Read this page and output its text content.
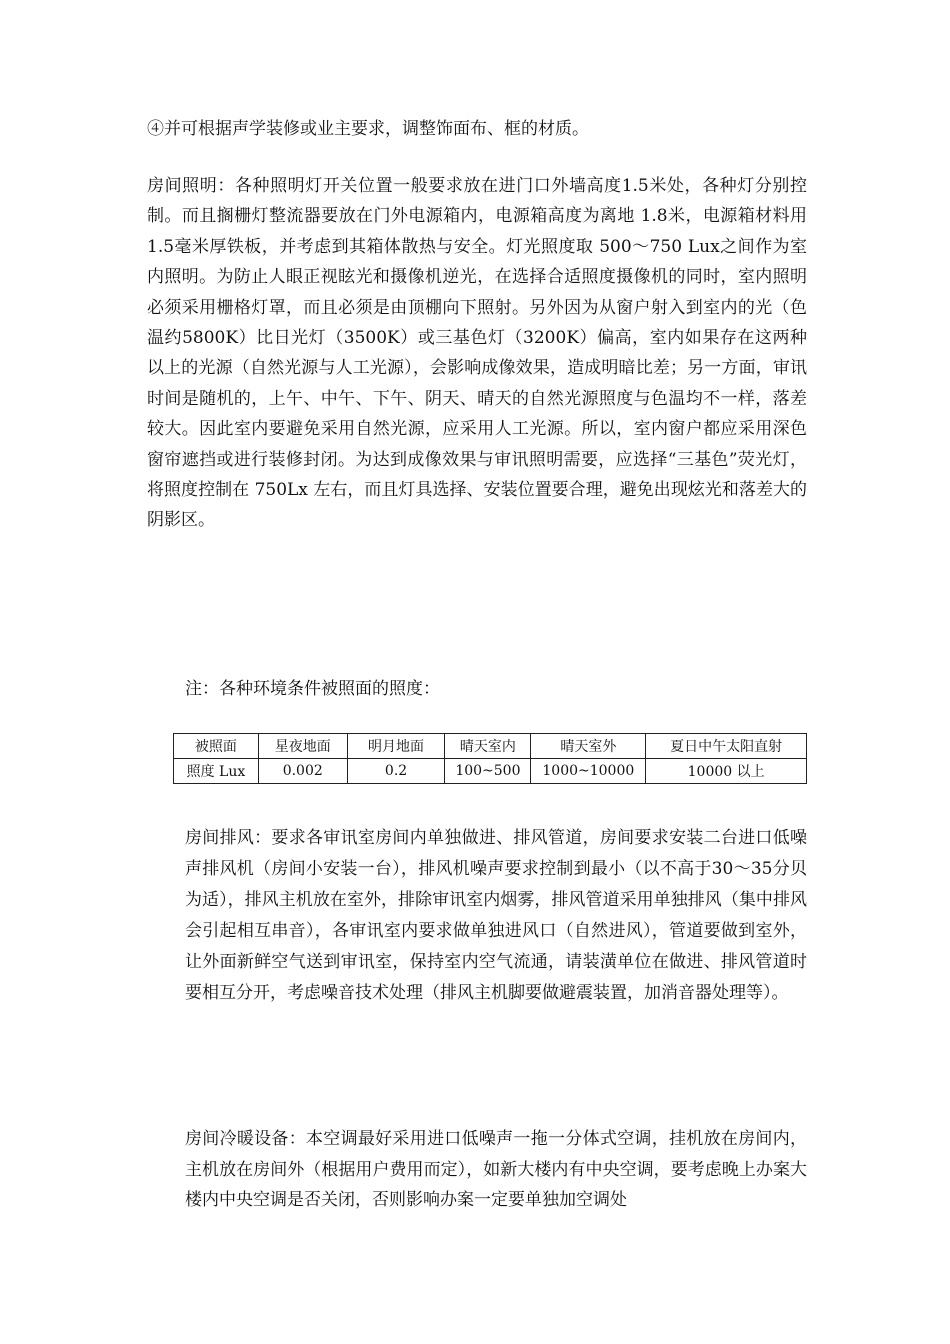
④并可根据声学装修或业主要求，调整饰面布、框的材质。

房间照明：各种照明灯开关位置一般要求放在进门口外墙高度1.5米处，各种灯分别控制。而且搁栅灯整流器要放在门外电源箱内，电源箱高度为离地 1.8米，电源箱材料用 1.5毫米厚铁板，并考虑到其箱体散热与安全。灯光照度取 500～750 Lux之间作为室内照明。为防止人眼正视眩光和摄像机逆光，在选择合适照度摄像机的同时，室内照明必须采用栅格灯罩，而且必须是由顶棚向下照射。另外因为从窗户射入到室内的光（色温约5800K）比日光灯（3500K）或三基色灯（3200K）偏高，室内如果存在这两种以上的光源（自然光源与人工光源），会影响成像效果，造成明暗比差；另一方面，审讯时间是随机的，上午、中午、下午、阴天、晴天的自然光源照度与色温均不一样，落差较大。因此室内要避免采用自然光源，应采用人工光源。所以，室内窗户都应采用深色窗帘遮挡或进行装修封闭。为达到成像效果与审讯照明需要，应选择“三基色”荧光灯，将照度控制在 750Lx 左右，而且灯具选择、安装位置要合理，避免出现炫光和落差大的阴影区。

注：各种环境条件被照面的照度：

被照面	星夜地面	明月地面	晴天室内	晴天室外	夏日中午太阳直射
照度 Lux	0.002	0.2	100~500	1000~10000	10000 以上

房间排风：要求各审讯室房间内单独做进、排风管道，房间要求安装二台进口低噪声排风机（房间小安装一台），排风机噪声要求控制到最小（以不高于30～35分贝为适），排风主机放在室外，排除审讯室内烟雾，排风管道采用单独排风（集中排风会引起相互串音），各审讯室内要求做单独进风口（自然进风），管道要做到室外，让外面新鲜空气送到审讯室，保持室内空气流通，请装潢单位在做进、排风管道时要相互分开，考虑噪音技术处理（排风主机脚要做避震装置，加消音器处理等）。

房间冷暖设备：本空调最好采用进口低噪声一拖一分体式空调，挂机放在房间内，主机放在房间外（根据用户费用而定），如新大楼内有中央空调，要考虑晚上办案大楼内中央空调是否关闭，否则影响办案一定要单独加空调处
